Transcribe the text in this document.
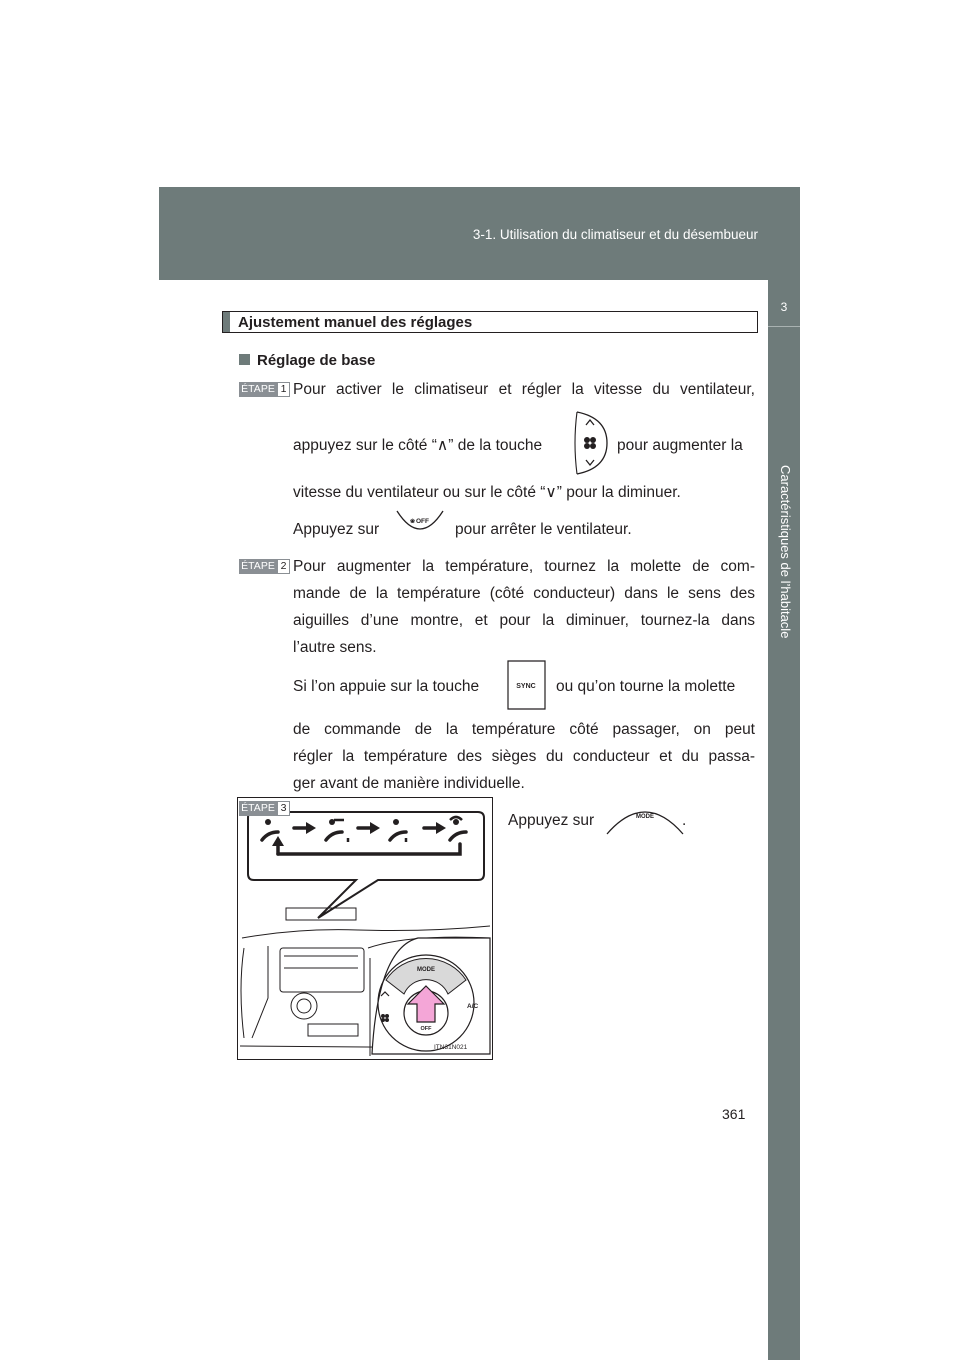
3-1. Utilisation du climatiseur et du désembueur
3
Caractéristiques de l’habitacle
Ajustement manuel des réglages
Réglage de base
ÉTAPE 1 Pour activer le climatiseur et régler la vitesse du ventilateur,
appuyez sur le côté “∧” de la touche	pour augmenter la
vitesse du ventilateur ou sur le côté “∨” pour la diminuer.
Appuyez sur	❀ OFF pour arrêter le ventilateur.
ÉTAPE 2 Pour augmenter la température, tournez la molette de com-
mande de la température (côté conducteur) dans le sens des
aiguilles d’une montre, et pour la diminuer, tournez-la dans
l’autre sens.
Si l’on appuie sur la touche	SYNC ou qu’on tourne la molette
de commande de la température côté passager, on peut
régler la température des sièges du conducteur et du passa-
ger avant de manière individuelle.
Appuyez sur	MODE .
MODE
A/C
OFF
ITN31N021
ÉTAPE 3
361
